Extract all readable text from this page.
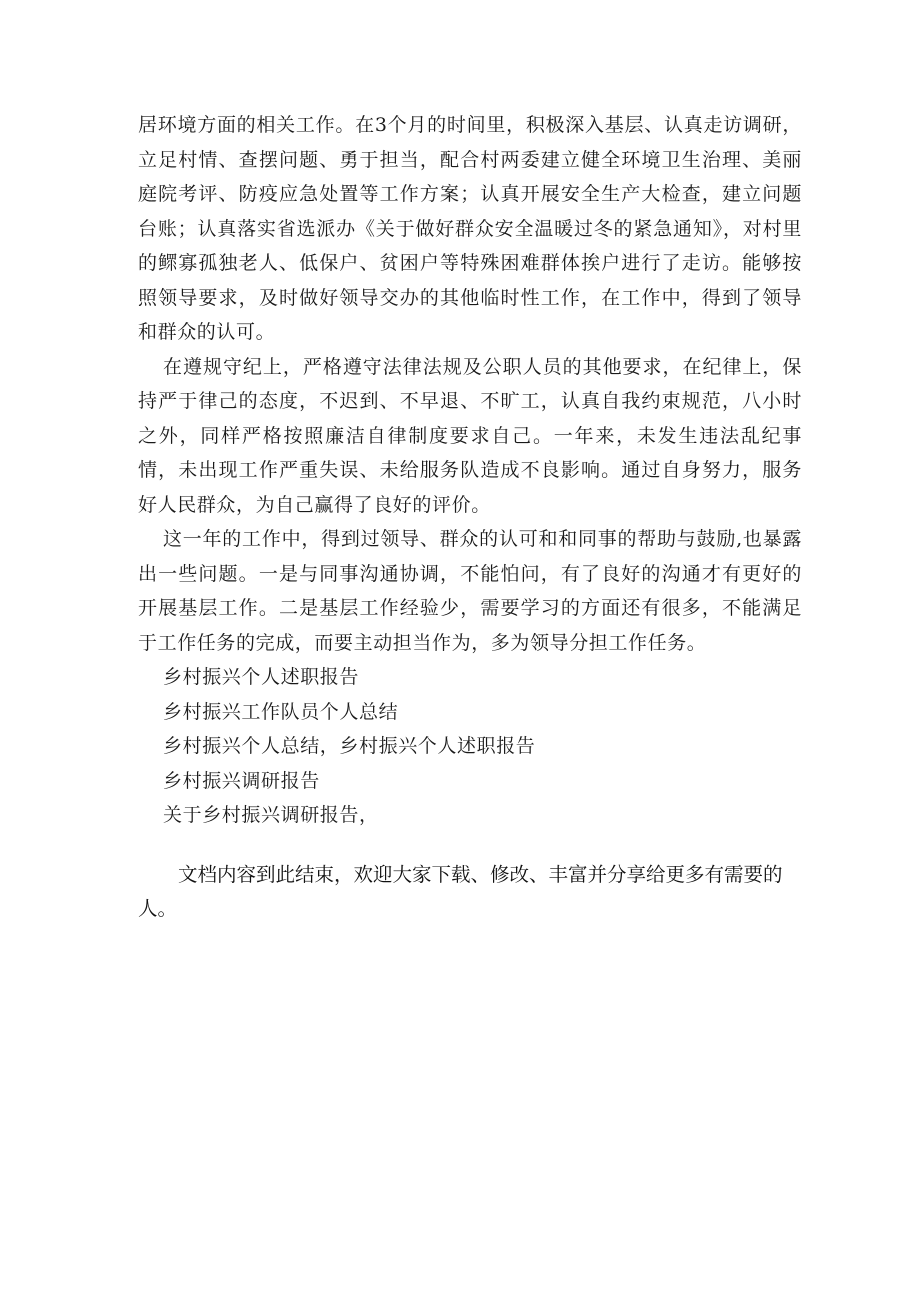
居环境方面的相关工作。在3个月的时间里，积极深入基层、认真走访调研，立足村情、查摆问题、勇于担当，配合村两委建立健全环境卫生治理、美丽庭院考评、防疫应急处置等工作方案；认真开展安全生产大检查，建立问题台账；认真落实省选派办《关于做好群众安全温暖过冬的紧急通知》，对村里的鳏寡孤独老人、低保户、贫困户等特殊困难群体挨户进行了走访。能够按照领导要求，及时做好领导交办的其他临时性工作，在工作中，得到了领导和群众的认可。

在遵规守纪上，严格遵守法律法规及公职人员的其他要求，在纪律上，保持严于律己的态度，不迟到、不早退、不旷工，认真自我约束规范，八小时之外，同样严格按照廉洁自律制度要求自己。一年来，未发生违法乱纪事情，未出现工作严重失误、未给服务队造成不良影响。通过自身努力，服务好人民群众，为自己赢得了良好的评价。

这一年的工作中，得到过领导、群众的认可和和同事的帮助与鼓励,也暴露出一些问题。一是与同事沟通协调，不能怕问，有了良好的沟通才有更好的开展基层工作。二是基层工作经验少，需要学习的方面还有很多，不能满足于工作任务的完成，而要主动担当作为，多为领导分担工作任务。

乡村振兴个人述职报告
乡村振兴工作队员个人总结
乡村振兴个人总结，乡村振兴个人述职报告
乡村振兴调研报告
关于乡村振兴调研报告，

文档内容到此结束，欢迎大家下载、修改、丰富并分享给更多有需要的人。
